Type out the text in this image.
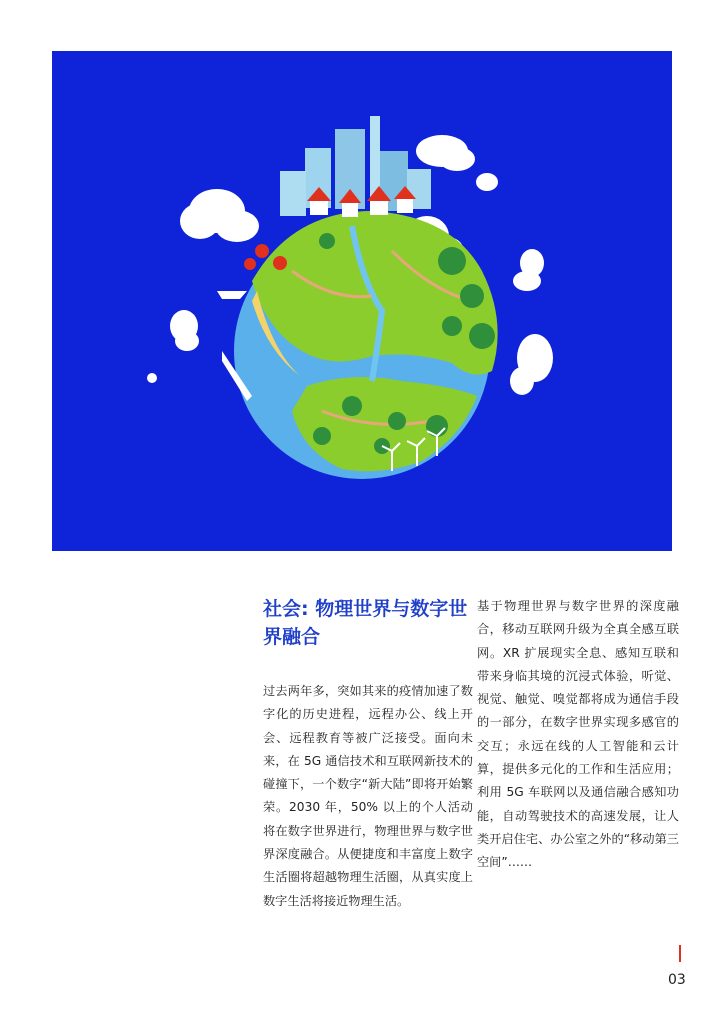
社会: 物理世界与数字世界融合

过去两年多，突如其来的疫情加速了数字化的历史进程，远程办公、线上开会、远程教育等被广泛接受。面向未来，在 5G 通信技术和互联网新技术的碰撞下，一个数字“新大陆”即将开始繁荣。2030 年，50% 以上的个人活动将在数字世界进行，物理世界与数字世界深度融合。从便捷度和丰富度上数字生活圈将超越物理生活圈，从真实度上数字生活将接近物理生活。

基于物理世界与数字世界的深度融合，移动互联网升级为全真全感互联网。XR 扩展现实全息、感知互联和带来身临其境的沉浸式体验，听觉、视觉、触觉、嗅觉都将成为通信手段的一部分，在数字世界实现多感官的交互；永远在线的人工智能和云计算，提供多元化的工作和生活应用；利用 5G 车联网以及通信融合感知功能，自动驾驶技术的高速发展，让人类开启住宅、办公室之外的“移动第三空间”……

03
